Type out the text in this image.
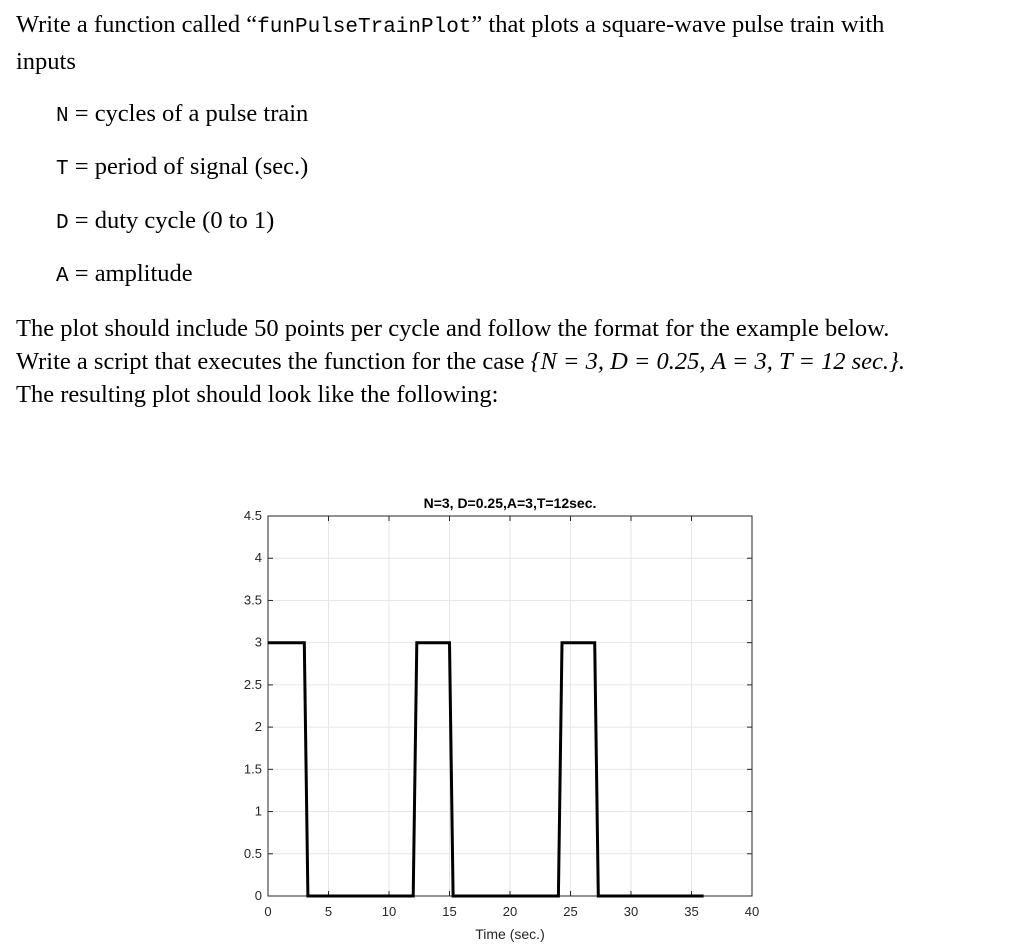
Write a function called “funPulseTrainPlot” that plots a square-wave pulse train with

inputs

N = cycles of a pulse train

T = period of signal (sec.)

D = duty cycle (0 to 1)

A = amplitude

The plot should include 50 points per cycle and follow the format for the example below.

Write a script that executes the function for the case {N = 3, D = 0.25, A = 3, T = 12 sec.}.

The resulting plot should look like the following:

0	5	10	15	20	25	30	35	40
0
0.5
1
1.5
2
2.5
3
3.5
4
4.5
N=3, D=0.25,A=3,T=12sec.
Time (sec.)
